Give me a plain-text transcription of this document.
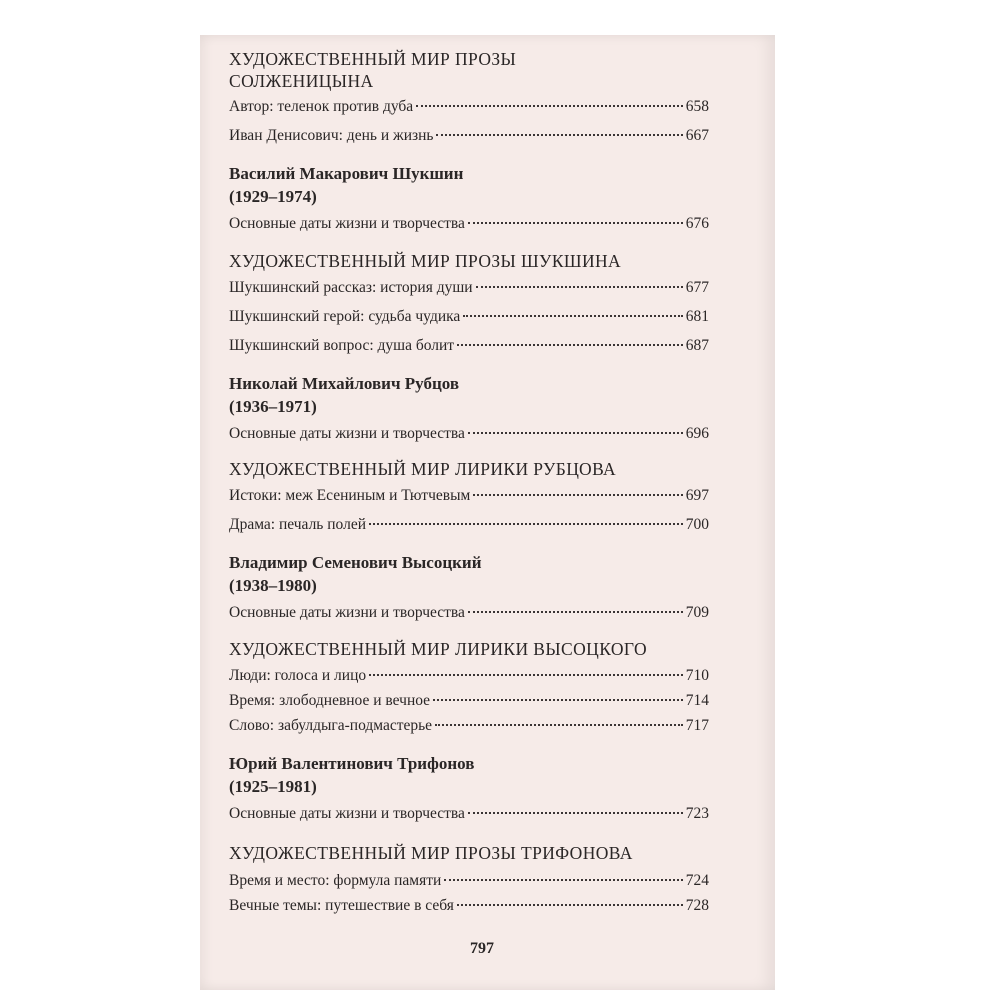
ХУДОЖЕСТВЕННЫЙ МИР ПРОЗЫ
СОЛЖЕНИЦЫНА
Автор: теленок против дуба	658
Иван Денисович: день и жизнь	667
Василий Макарович Шукшин
(1929–1974)
Основные даты жизни и творчества	676
ХУДОЖЕСТВЕННЫЙ МИР ПРОЗЫ ШУКШИНА
Шукшинский рассказ: история души	677
Шукшинский герой: судьба чудика	681
Шукшинский вопрос: душа болит	687
Николай Михайлович Рубцов
(1936–1971)
Основные даты жизни и творчества	696
ХУДОЖЕСТВЕННЫЙ МИР ЛИРИКИ РУБЦОВА
Истоки: меж Есениным и Тютчевым	697
Драма: печаль полей	700
Владимир Семенович Высоцкий
(1938–1980)
Основные даты жизни и творчества	709
ХУДОЖЕСТВЕННЫЙ МИР ЛИРИКИ ВЫСОЦКОГО
Люди: голоса и лицо	710
Время: злободневное и вечное	714
Слово: забулдыга-подмастерье	717
Юрий Валентинович Трифонов
(1925–1981)
Основные даты жизни и творчества	723
ХУДОЖЕСТВЕННЫЙ МИР ПРОЗЫ ТРИФОНОВА
Время и место: формула памяти	724
Вечные темы: путешествие в себя	728
797
